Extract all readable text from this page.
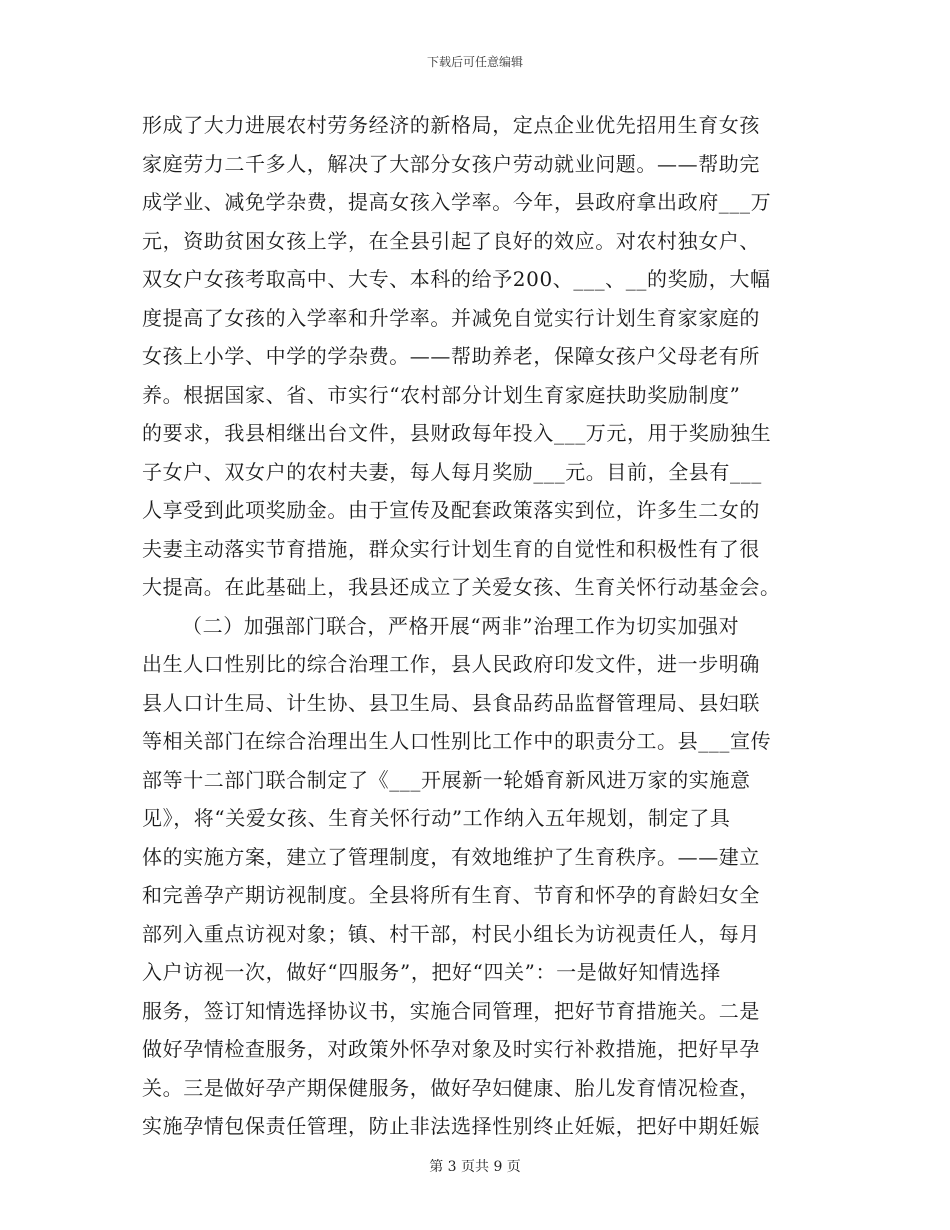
下载后可任意编辑
形成了大力进展农村劳务经济的新格局，定点企业优先招用生育女孩
家庭劳力二千多人，解决了大部分女孩户劳动就业问题。——帮助完
成学业、减免学杂费，提高女孩入学率。今年，县政府拿出政府___万
元，资助贫困女孩上学，在全县引起了良好的效应。对农村独女户、
双女户女孩考取高中、大专、本科的给予200、___、__的奖励，大幅
度提高了女孩的入学率和升学率。并减免自觉实行计划生育家家庭的
女孩上小学、中学的学杂费。——帮助养老，保障女孩户父母老有所
养。根据国家、省、市实行“农村部分计划生育家庭扶助奖励制度”
的要求，我县相继出台文件，县财政每年投入___万元，用于奖励独生
子女户、双女户的农村夫妻，每人每月奖励___元。目前，全县有___
人享受到此项奖励金。由于宣传及配套政策落实到位，许多生二女的
夫妻主动落实节育措施，群众实行计划生育的自觉性和积极性有了很
大提高。在此基础上，我县还成立了关爱女孩、生育关怀行动基金会。
（二）加强部门联合，严格开展“两非”治理工作为切实加强对
出生人口性别比的综合治理工作，县人民政府印发文件，进一步明确
县人口计生局、计生协、县卫生局、县食品药品监督管理局、县妇联
等相关部门在综合治理出生人口性别比工作中的职责分工。县___宣传
部等十二部门联合制定了《___开展新一轮婚育新风进万家的实施意
见》，将“关爱女孩、生育关怀行动”工作纳入五年规划，制定了具
体的实施方案，建立了管理制度，有效地维护了生育秩序。——建立
和完善孕产期访视制度。全县将所有生育、节育和怀孕的育龄妇女全
部列入重点访视对象；镇、村干部，村民小组长为访视责任人，每月
入户访视一次，做好“四服务”，把好“四关”：一是做好知情选择
服务，签订知情选择协议书，实施合同管理，把好节育措施关。二是
做好孕情检查服务，对政策外怀孕对象及时实行补救措施，把好早孕
关。三是做好孕产期保健服务，做好孕妇健康、胎儿发育情况检查，
实施孕情包保责任管理，防止非法选择性别终止妊娠，把好中期妊娠
第 3 页共 9 页
